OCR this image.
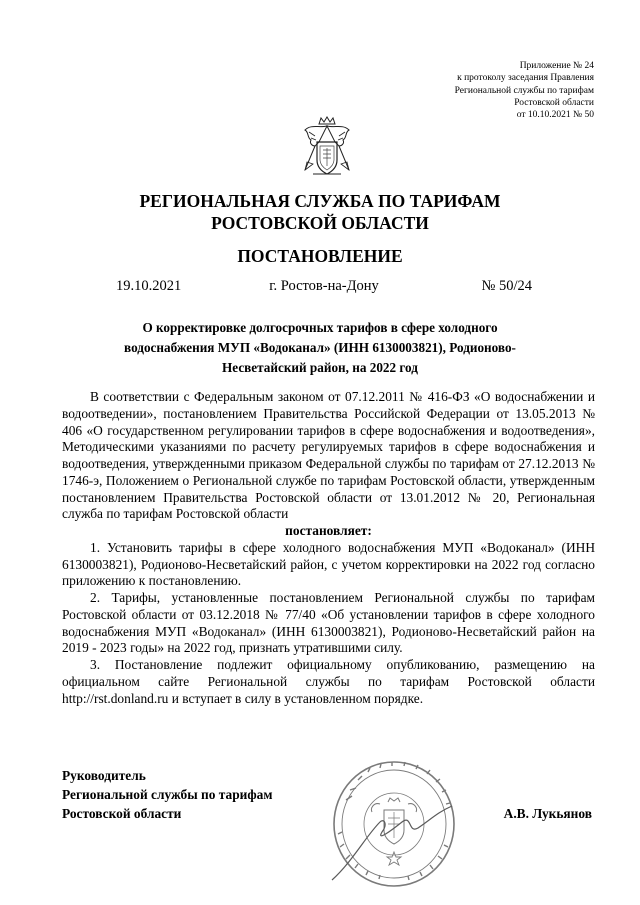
Приложение № 24
к протоколу заседания Правления
Региональной службы по тарифам
Ростовской области
от 10.10.2021 № 50
РЕГИОНАЛЬНАЯ СЛУЖБА ПО ТАРИФАМ
РОСТОВСКОЙ ОБЛАСТИ
ПОСТАНОВЛЕНИЕ
19.10.2021	г. Ростов-на-Дону	№ 50/24
О корректировке долгосрочных тарифов в сфере холодного водоснабжения МУП «Водоканал» (ИНН 6130003821), Родионово-Несветайский район, на 2022 год

В соответствии с Федеральным законом от 07.12.2011 № 416-ФЗ «О водоснабжении и водоотведении», постановлением Правительства Российской Федерации от 13.05.2013 № 406 «О государственном регулировании тарифов в сфере водоснабжения и водоотведения», Методическими указаниями по расчету регулируемых тарифов в сфере водоснабжения и водоотведения, утвержденными приказом Федеральной службы по тарифам от 27.12.2013 № 1746-э, Положением о Региональной службе по тарифам Ростовской области, утвержденным постановлением Правительства Ростовской области от 13.01.2012 № 20, Региональная служба по тарифам Ростовской области

постановляет:

1. Установить тарифы в сфере холодного водоснабжения МУП «Водоканал» (ИНН 6130003821), Родионово-Несветайский район, с учетом корректировки на 2022 год согласно приложению к постановлению.

2. Тарифы, установленные постановлением Региональной службы по тарифам Ростовской области от 03.12.2018 № 77/40 «Об установлении тарифов в сфере холодного водоснабжения МУП «Водоканал» (ИНН 6130003821), Родионово-Несветайский район на 2019 - 2023 годы» на 2022 год, признать утратившими силу.

3. Постановление подлежит официальному опубликованию, размещению на официальном сайте Региональной службы по тарифам Ростовской области http://rst.donland.ru и вступает в силу в установленном порядке.

Руководитель
Региональной службы по тарифам
Ростовской области	А.В. Лукьянов
